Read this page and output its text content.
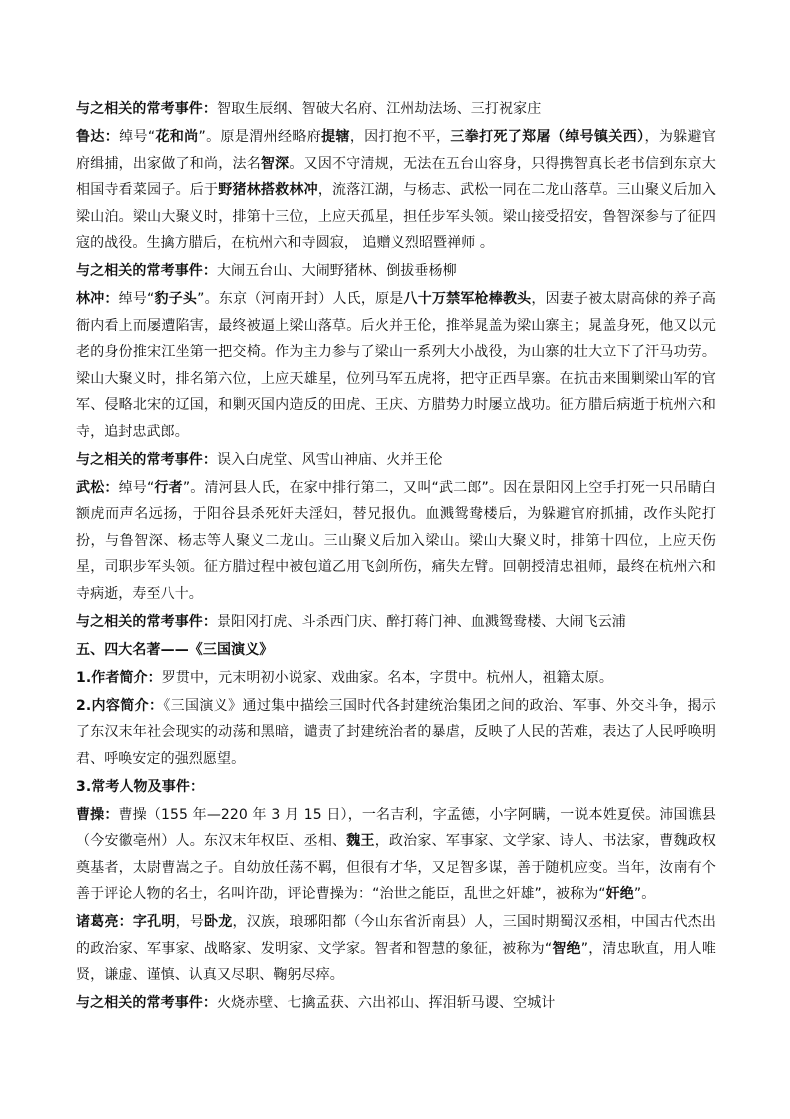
与之相关的常考事件：智取生辰纲、智破大名府、江州劫法场、三打祝家庄

鲁达：绰号“花和尚”。原是渭州经略府提辖，因打抱不平，三拳打死了郑屠（绰号镇关西），为躲避官府缉捕，出家做了和尚，法名智深。又因不守清规，无法在五台山容身，只得携智真长老书信到东京大相国寺看菜园子。后于野猪林搭救林冲，流落江湖，与杨志、武松一同在二龙山落草。三山聚义后加入梁山泊。梁山大聚义时，排第十三位，上应天孤星，担任步军头领。梁山接受招安，鲁智深参与了征四寇的战役。生擒方腊后，在杭州六和寺圆寂， 追赠义烈昭暨禅师 。

与之相关的常考事件：大闹五台山、大闹野猪林、倒拔垂杨柳

林冲：绰号“豹子头”。东京（河南开封）人氏，原是八十万禁军枪棒教头，因妻子被太尉高俅的养子高衙内看上而屡遭陷害，最终被逼上梁山落草。后火并王伦，推举晁盖为梁山寨主；晁盖身死，他又以元老的身份推宋江坐第一把交椅。作为主力参与了梁山一系列大小战役，为山寨的壮大立下了汗马功劳。梁山大聚义时，排名第六位，上应天雄星，位列马军五虎将，把守正西旱寨。在抗击来围剿梁山军的官军、侵略北宋的辽国，和剿灭国内造反的田虎、王庆、方腊势力时屡立战功。征方腊后病逝于杭州六和寺，追封忠武郎。

与之相关的常考事件：误入白虎堂、风雪山神庙、火并王伦

武松：绰号“行者”。清河县人氏，在家中排行第二，又叫“武二郎”。因在景阳冈上空手打死一只吊睛白额虎而声名远扬，于阳谷县杀死奸夫淫妇，替兄报仇。血溅鸳鸯楼后，为躲避官府抓捕，改作头陀打扮，与鲁智深、杨志等人聚义二龙山。三山聚义后加入梁山。梁山大聚义时，排第十四位，上应天伤星，司职步军头领。征方腊过程中被包道乙用飞剑所伤，痛失左臂。回朝授清忠祖师，最终在杭州六和寺病逝，寿至八十。

与之相关的常考事件：景阳冈打虎、斗杀西门庆、醉打蒋门神、血溅鸳鸯楼、大闹飞云浦

五、四大名著——《三国演义》

1.作者简介：罗贯中，元末明初小说家、戏曲家。名本，字贯中。杭州人，祖籍太原。

2.内容简介：《三国演义》通过集中描绘三国时代各封建统治集团之间的政治、军事、外交斗争，揭示了东汉末年社会现实的动荡和黑暗，谴责了封建统治者的暴虐，反映了人民的苦难，表达了人民呼唤明君、呼唤安定的强烈愿望。

3.常考人物及事件：

曹操：曹操（155 年—220 年 3 月 15 日），一名吉利，字孟德，小字阿瞒，一说本姓夏侯。沛国谯县（今安徽亳州）人。东汉末年权臣、丞相、魏王，政治家、军事家、文学家、诗人、书法家，曹魏政权奠基者，太尉曹嵩之子。自幼放任荡不羁，但很有才华，又足智多谋，善于随机应变。当年，汝南有个善于评论人物的名士，名叫许劭，评论曹操为：“治世之能臣，乱世之奸雄”，被称为“奸绝”。

诸葛亮：字孔明，号卧龙，汉族，琅琊阳都（今山东省沂南县）人，三国时期蜀汉丞相，中国古代杰出的政治家、军事家、战略家、发明家、文学家。智者和智慧的象征，被称为“智绝”，清忠耿直，用人唯贤，谦虚、谨慎、认真又尽职、鞠躬尽瘁。

与之相关的常考事件：火烧赤壁、七擒孟获、六出祁山、挥泪斩马谡、空城计
